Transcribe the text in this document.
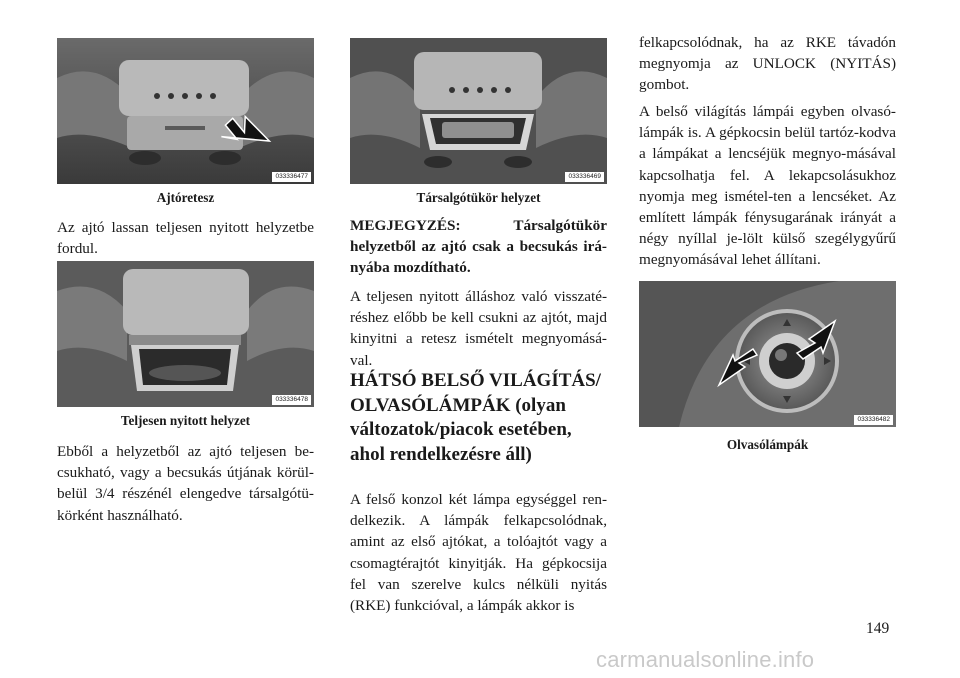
033336477
Ajtóretesz

Az ajtó lassan teljesen nyitott helyzetbe fordul.

033336478
Teljesen nyitott helyzet

Ebből a helyzetből az ajtó teljesen be-csukható, vagy a becsukás útjának körül-belül 3/4 részénél elengedve társalgótü-körként használható.

033336469
Társalgótükör helyzet

MEGJEGYZÉS: Társalgótükör helyzetből az ajtó csak a becsukás irá-nyába mozdítható.

A teljesen nyitott álláshoz való visszaté-réshez előbb be kell csukni az ajtót, majd kinyitni a retesz ismételt megnyomásá-val.

HÁTSÓ BELSŐ VILÁGÍTÁS/ OLVASÓLÁMPÁK (olyan változatok/piacok esetében, ahol rendelkezésre áll)

A felső konzol két lámpa egységgel ren-delkezik. A lámpák felkapcsolódnak, amint az első ajtókat, a tolóajtót vagy a csomagtérajtót kinyitják. Ha gépkocsija fel van szerelve kulcs nélküli nyitás (RKE) funkcióval, a lámpák akkor is

felkapcsolódnak, ha az RKE távadón megnyomja az UNLOCK (NYITÁS) gombot.

A belső világítás lámpái egyben olvasó-lámpák is. A gépkocsin belül tartóz-kodva a lámpákat a lencséjük megnyo-másával kapcsolhatja fel. A lekapcsolásukhoz nyomja meg ismétel-ten a lencséket. Az említett lámpák fénysugarának irányát a négy nyíllal je-lölt külső szegélygyűrű megnyomásával lehet állítani.

033336482
Olvasólámpák
149
carmanualsonline.info
